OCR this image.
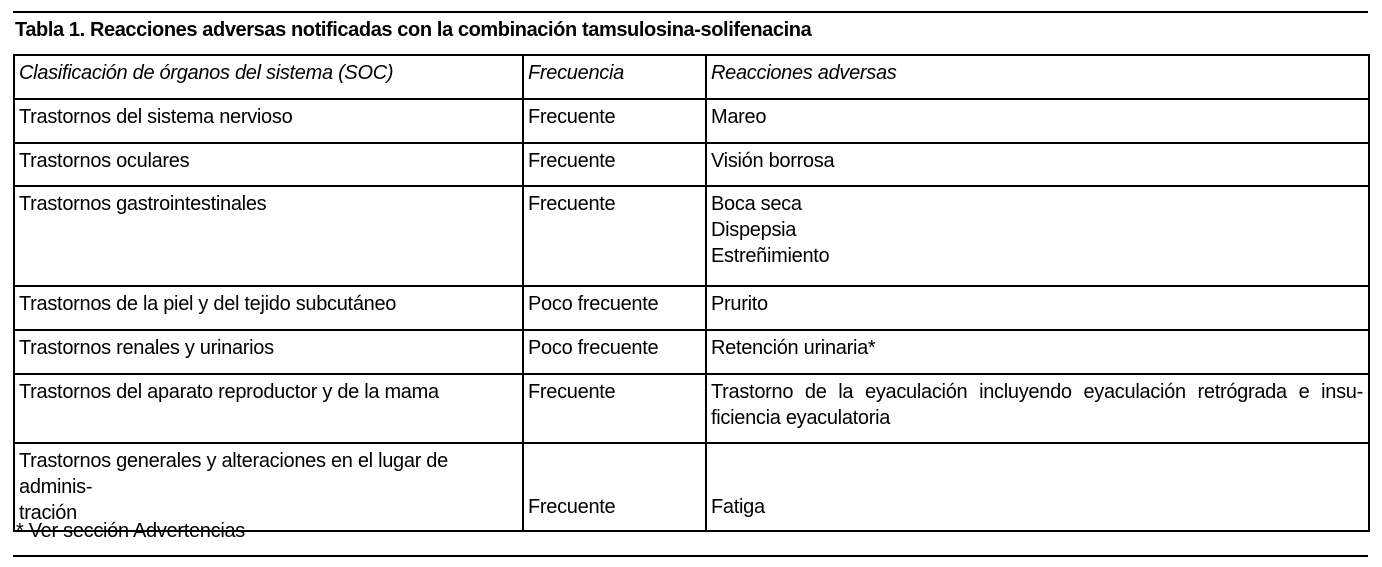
Tabla 1. Reacciones adversas notificadas con la combinación tamsulosina-solifenacina
Clasificación de órganos del sistema (SOC)	Frecuencia	Reacciones adversas
Trastornos del sistema nervioso	Frecuente	Mareo

Trastornos oculares	Frecuente	Visión borrosa

Trastornos gastrointestinales	Frecuente	Boca seca
Dispepsia
Estreñimiento

Trastornos de la piel y del tejido subcutáneo	Poco frecuente	Prurito

Trastornos renales y urinarios	Poco frecuente	Retención urinaria*

Trastornos del aparato reproductor y de la mama	Frecuente	Trastorno de la eyaculación incluyendo eyaculación retrógrada e insu-
ficiencia eyaculatoria

Trastornos generales y alteraciones en el lugar de adminis-
tración	Frecuente	Fatiga
* Ver sección Advertencias
